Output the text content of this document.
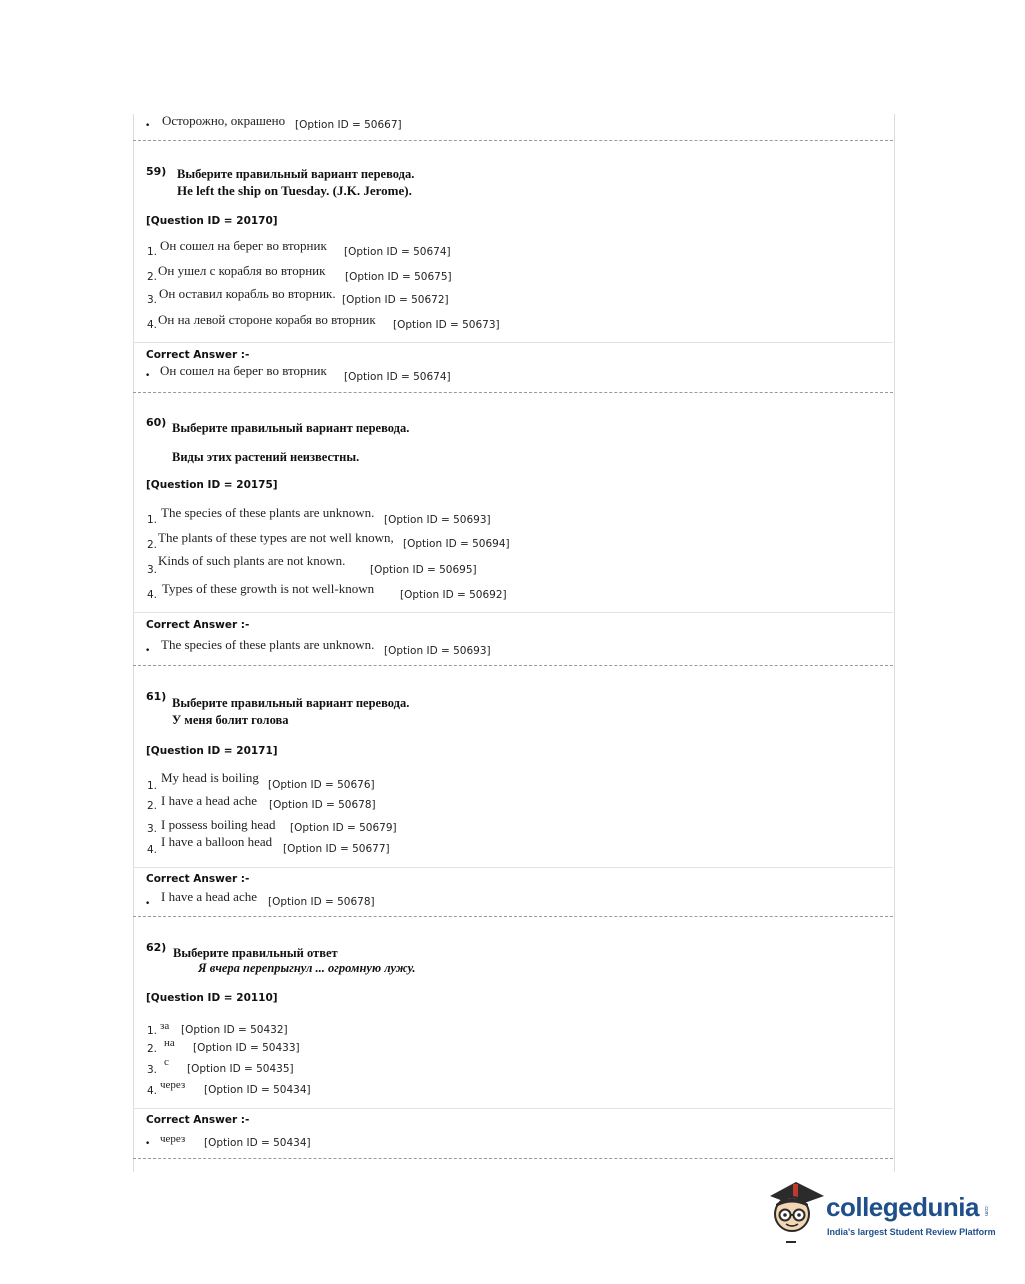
• Осторожно, окрашено [Option ID = 50667]
59) Выберите правильный вариант перевода.
He left the ship on Tuesday. (J.K. Jerome).
[Question ID = 20170]
1. Он сошел на берег во вторник [Option ID = 50674]
2. Он ушел с корабля во вторник [Option ID = 50675]
3. Он оставил корабль во вторник. [Option ID = 50672]
4. Он на левой стороне корабя во вторник [Option ID = 50673]
Correct Answer :-
• Он сошел на берег во вторник [Option ID = 50674]
60) Выберите правильный вариант перевода.
Виды этих растений неизвестны.
[Question ID = 20175]
1. The species of these plants are unknown. [Option ID = 50693]
2. The plants of these types are not well known, [Option ID = 50694]
3.
Kinds of such plants are not known.
[Option ID = 50695]
4. Types of these growth is not well-known [Option ID = 50692]
Correct Answer :-
• The species of these plants are unknown. [Option ID = 50693]
61) Выберите правильный вариант перевода.
У меня болит голова
[Question ID = 20171]
1.
My head is boiling [Option ID = 50676]
2. I have a head ache [Option ID = 50678]
3. I possess boiling head [Option ID = 50679]
4.
I have a balloon head [Option ID = 50677]
Correct Answer :-
• I have a head ache [Option ID = 50678]
62) Выберите правильный ответ
Я вчера перепрыгнул ... огромную лужу.
[Question ID = 20110]
1. за [Option ID = 50432]
2. на [Option ID = 50433]
3.
с
[Option ID = 50435]
4. через [Option ID = 50434]
Correct Answer :-
• через [Option ID = 50434]
collegedunia .com
India's largest Student Review Platform
